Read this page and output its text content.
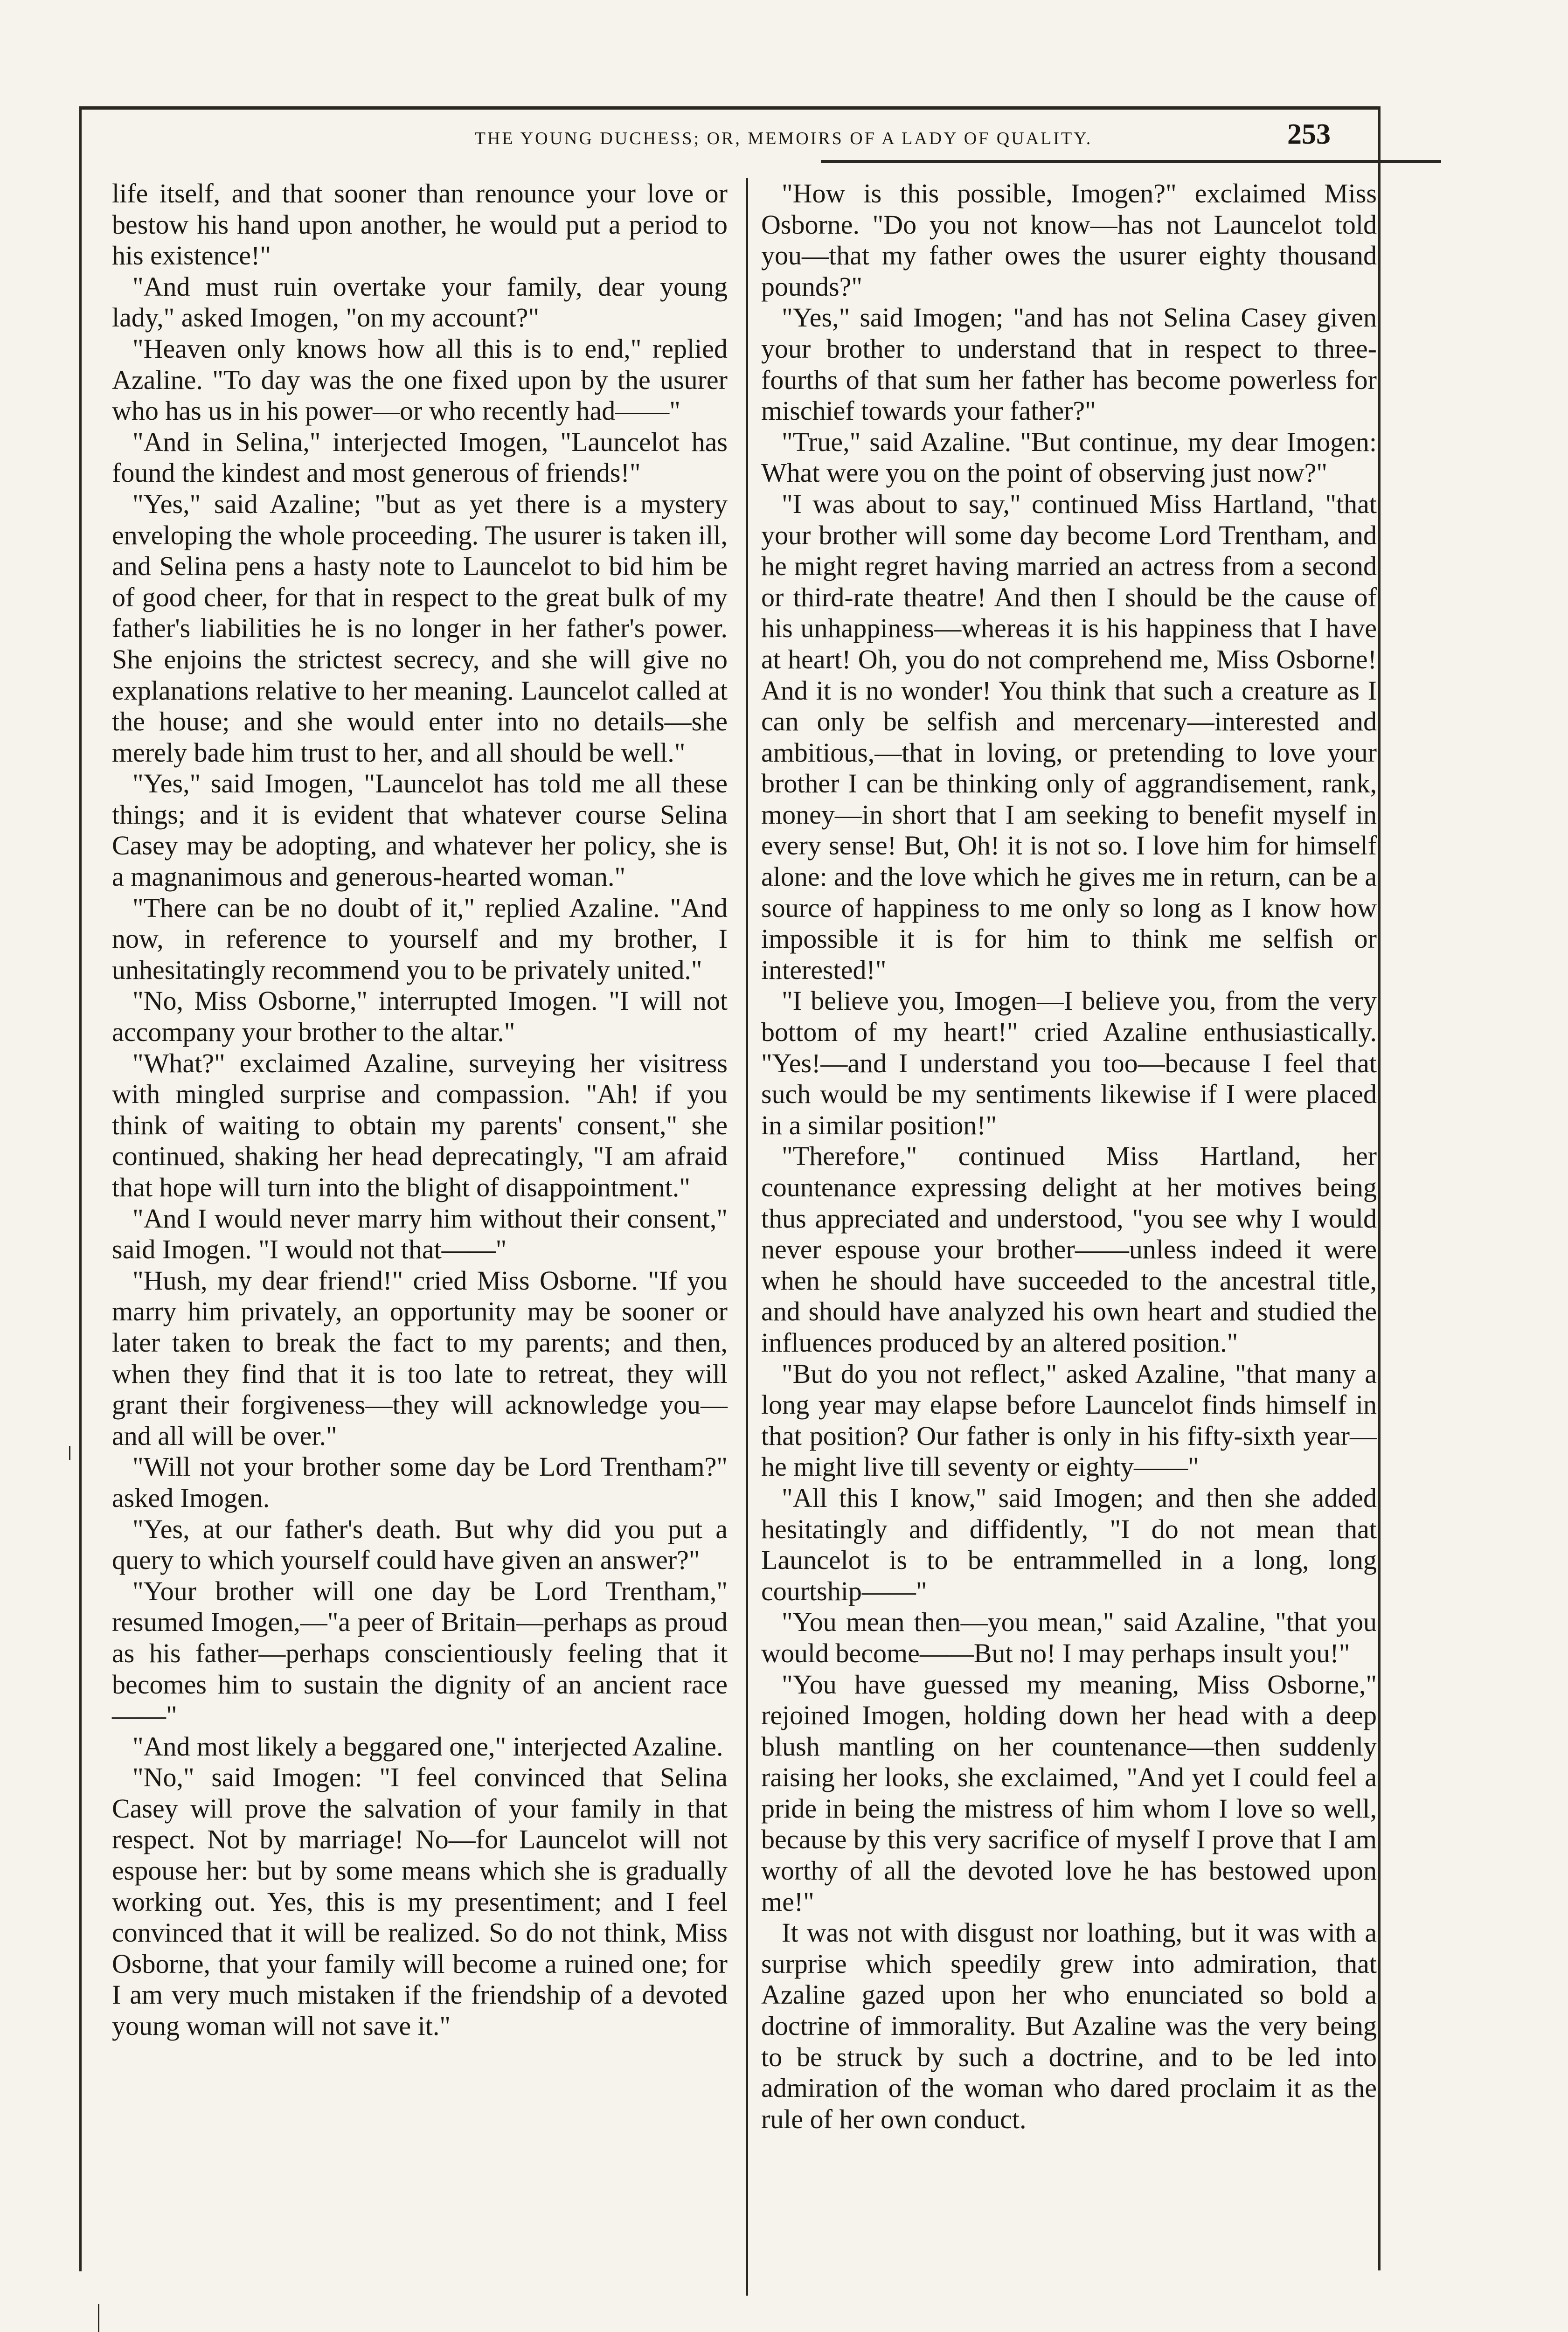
THE YOUNG DUCHESS; OR, MEMOIRS OF A LADY OF QUALITY.	253

life itself, and that sooner than renounce your love or bestow his hand upon another, he would put a period to his existence!"

"And must ruin overtake your family, dear young lady," asked Imogen, "on my account?"

"Heaven only knows how all this is to end," replied Azaline. "To day was the one fixed upon by the usurer who has us in his power—or who recently had——"

"And in Selina," interjected Imogen, "Launcelot has found the kindest and most generous of friends!"

"Yes," said Azaline; "but as yet there is a mystery enveloping the whole proceeding. The usurer is taken ill, and Selina pens a hasty note to Launcelot to bid him be of good cheer, for that in respect to the great bulk of my father's liabilities he is no longer in her father's power. She enjoins the strictest secrecy, and she will give no explanations relative to her meaning. Launcelot called at the house; and she would enter into no details—she merely bade him trust to her, and all should be well."

"Yes," said Imogen, "Launcelot has told me all these things; and it is evident that whatever course Selina Casey may be adopting, and whatever her policy, she is a magnanimous and generous-hearted woman."

"There can be no doubt of it," replied Azaline. "And now, in reference to yourself and my brother, I unhesitatingly recommend you to be privately united."

"No, Miss Osborne," interrupted Imogen. "I will not accompany your brother to the altar."

"What?" exclaimed Azaline, surveying her visitress with mingled surprise and compassion. "Ah! if you think of waiting to obtain my parents' consent," she continued, shaking her head deprecatingly, "I am afraid that hope will turn into the blight of disappointment."

"And I would never marry him without their consent," said Imogen. "I would not that——"

"Hush, my dear friend!" cried Miss Osborne. "If you marry him privately, an opportunity may be sooner or later taken to break the fact to my parents; and then, when they find that it is too late to retreat, they will grant their forgiveness—they will acknowledge you—and all will be over."

"Will not your brother some day be Lord Trentham?" asked Imogen.

"Yes, at our father's death. But why did you put a query to which yourself could have given an answer?"

"Your brother will one day be Lord Trentham," resumed Imogen,—"a peer of Britain—perhaps as proud as his father—perhaps conscientiously feeling that it becomes him to sustain the dignity of an ancient race——"

"And most likely a beggared one," interjected Azaline.

"No," said Imogen: "I feel convinced that Selina Casey will prove the salvation of your family in that respect. Not by marriage! No—for Launcelot will not espouse her: but by some means which she is gradually working out. Yes, this is my presentiment; and I feel convinced that it will be realized. So do not think, Miss Osborne, that your family will become a ruined one; for I am very much mistaken if the friendship of a devoted young woman will not save it."

"How is this possible, Imogen?" exclaimed Miss Osborne. "Do you not know—has not Launcelot told you—that my father owes the usurer eighty thousand pounds?"

"Yes," said Imogen; "and has not Selina Casey given your brother to understand that in respect to three-fourths of that sum her father has become powerless for mischief towards your father?"

"True," said Azaline. "But continue, my dear Imogen: What were you on the point of observing just now?"

"I was about to say," continued Miss Hartland, "that your brother will some day become Lord Trentham, and he might regret having married an actress from a second or third-rate theatre! And then I should be the cause of his unhappiness—whereas it is his happiness that I have at heart! Oh, you do not comprehend me, Miss Osborne! And it is no wonder! You think that such a creature as I can only be selfish and mercenary—interested and ambitious,—that in loving, or pretending to love your brother I can be thinking only of aggrandisement, rank, money—in short that I am seeking to benefit myself in every sense! But, Oh! it is not so. I love him for himself alone: and the love which he gives me in return, can be a source of happiness to me only so long as I know how impossible it is for him to think me selfish or interested!"

"I believe you, Imogen—I believe you, from the very bottom of my heart!" cried Azaline enthusiastically. "Yes!—and I understand you too—because I feel that such would be my sentiments likewise if I were placed in a similar position!"

"Therefore," continued Miss Hartland, her countenance expressing delight at her motives being thus appreciated and understood, "you see why I would never espouse your brother——unless indeed it were when he should have succeeded to the ancestral title, and should have analyzed his own heart and studied the influences produced by an altered position."

"But do you not reflect," asked Azaline, "that many a long year may elapse before Launcelot finds himself in that position? Our father is only in his fifty-sixth year—he might live till seventy or eighty——"

"All this I know," said Imogen; and then she added hesitatingly and diffidently, "I do not mean that Launcelot is to be entrammelled in a long, long courtship——"

"You mean then—you mean," said Azaline, "that you would become——But no! I may perhaps insult you!"

"You have guessed my meaning, Miss Osborne," rejoined Imogen, holding down her head with a deep blush mantling on her countenance—then suddenly raising her looks, she exclaimed, "And yet I could feel a pride in being the mistress of him whom I love so well, because by this very sacrifice of myself I prove that I am worthy of all the devoted love he has bestowed upon me!"

It was not with disgust nor loathing, but it was with a surprise which speedily grew into admiration, that Azaline gazed upon her who enunciated so bold a doctrine of immorality. But Azaline was the very being to be struck by such a doctrine, and to be led into admiration of the woman who dared proclaim it as the rule of her own conduct.
